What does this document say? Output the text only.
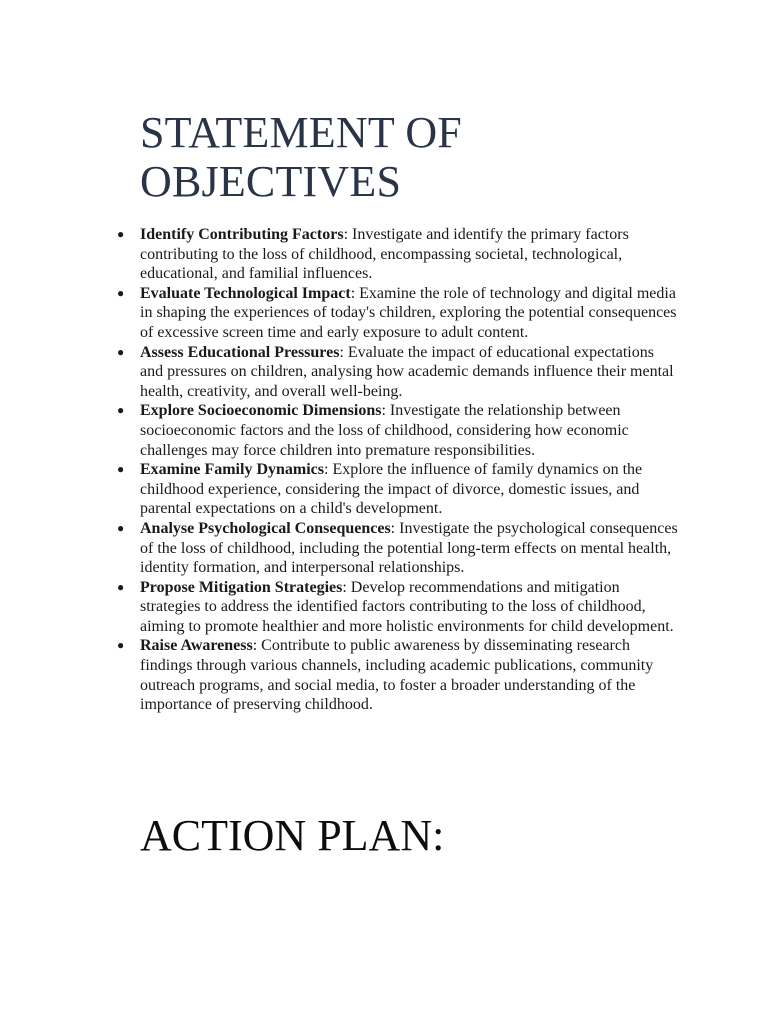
STATEMENT OF OBJECTIVES
● Identify Contributing Factors: Investigate and identify the primary factors contributing to the loss of childhood, encompassing societal, technological, educational, and familial influences.
● Evaluate Technological Impact: Examine the role of technology and digital media in shaping the experiences of today's children, exploring the potential consequences of excessive screen time and early exposure to adult content.
● Assess Educational Pressures: Evaluate the impact of educational expectations and pressures on children, analysing how academic demands influence their mental health, creativity, and overall well-being.
● Explore Socioeconomic Dimensions: Investigate the relationship between socioeconomic factors and the loss of childhood, considering how economic challenges may force children into premature responsibilities.
● Examine Family Dynamics: Explore the influence of family dynamics on the childhood experience, considering the impact of divorce, domestic issues, and parental expectations on a child's development.
● Analyse Psychological Consequences: Investigate the psychological consequences of the loss of childhood, including the potential long-term effects on mental health, identity formation, and interpersonal relationships.
● Propose Mitigation Strategies: Develop recommendations and mitigation strategies to address the identified factors contributing to the loss of childhood, aiming to promote healthier and more holistic environments for child development.
● Raise Awareness: Contribute to public awareness by disseminating research findings through various channels, including academic publications, community outreach programs, and social media, to foster a broader understanding of the importance of preserving childhood.
ACTION PLAN:
